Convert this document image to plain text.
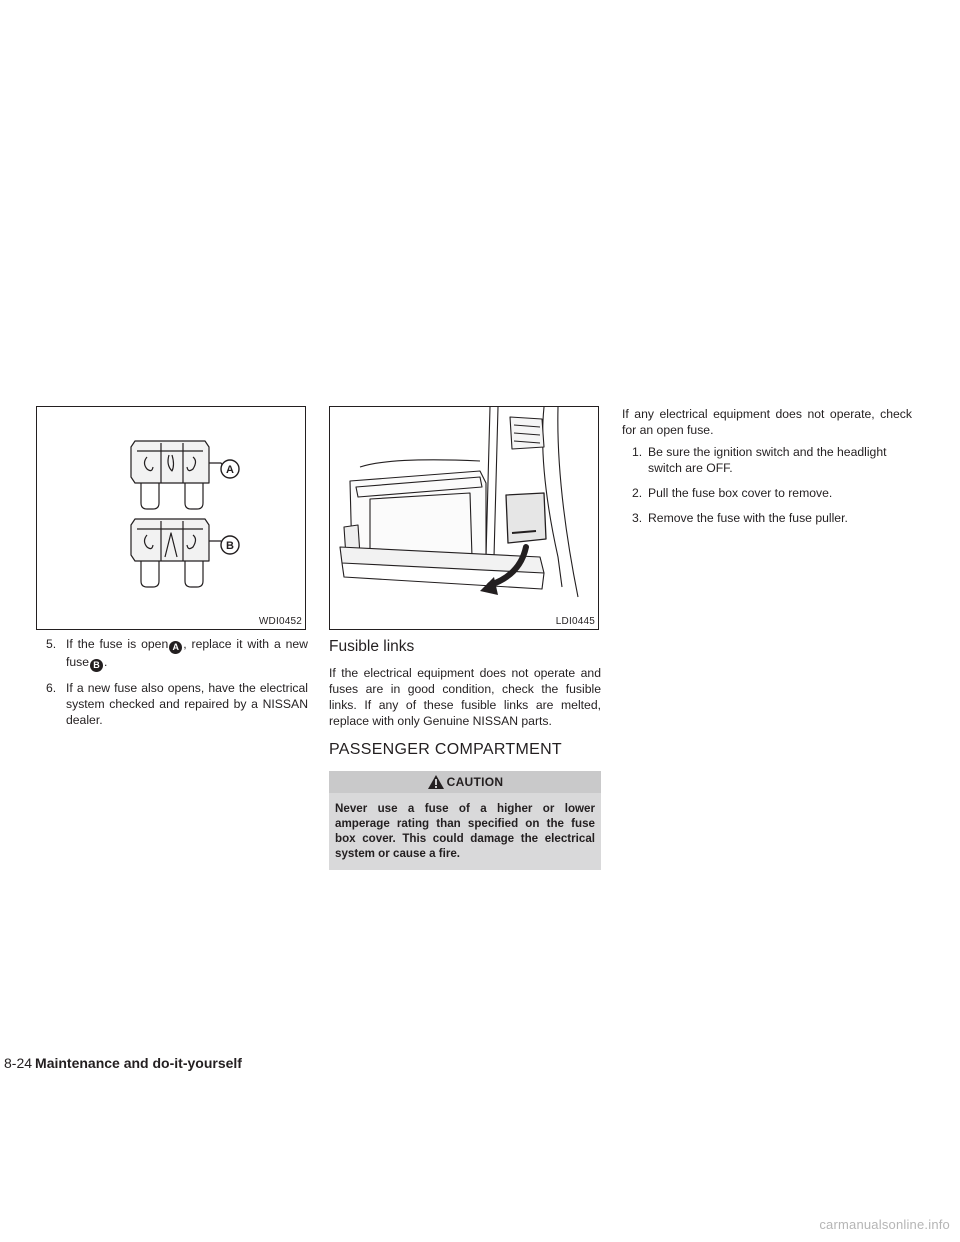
A
B
WDI0452
5. If the fuse is open A , replace it with a new fuse B .
6. If a new fuse also opens, have the electrical system checked and repaired by a NISSAN dealer.
LDI0445
Fusible links

If the electrical equipment does not operate and fuses are in good condition, check the fusible links. If any of these fusible links are melted, replace with only Genuine NISSAN parts.

PASSENGER COMPARTMENT
CAUTION
Never use a fuse of a higher or lower amperage rating than specified on the fuse box cover. This could damage the electrical system or cause a fire.

If any electrical equipment does not operate, check for an open fuse.

1. Be sure the ignition switch and the headlight switch are OFF.
2. Pull the fuse box cover to remove.
3. Remove the fuse with the fuse puller.
8-24 Maintenance and do-it-yourself
carmanualsonline.info
